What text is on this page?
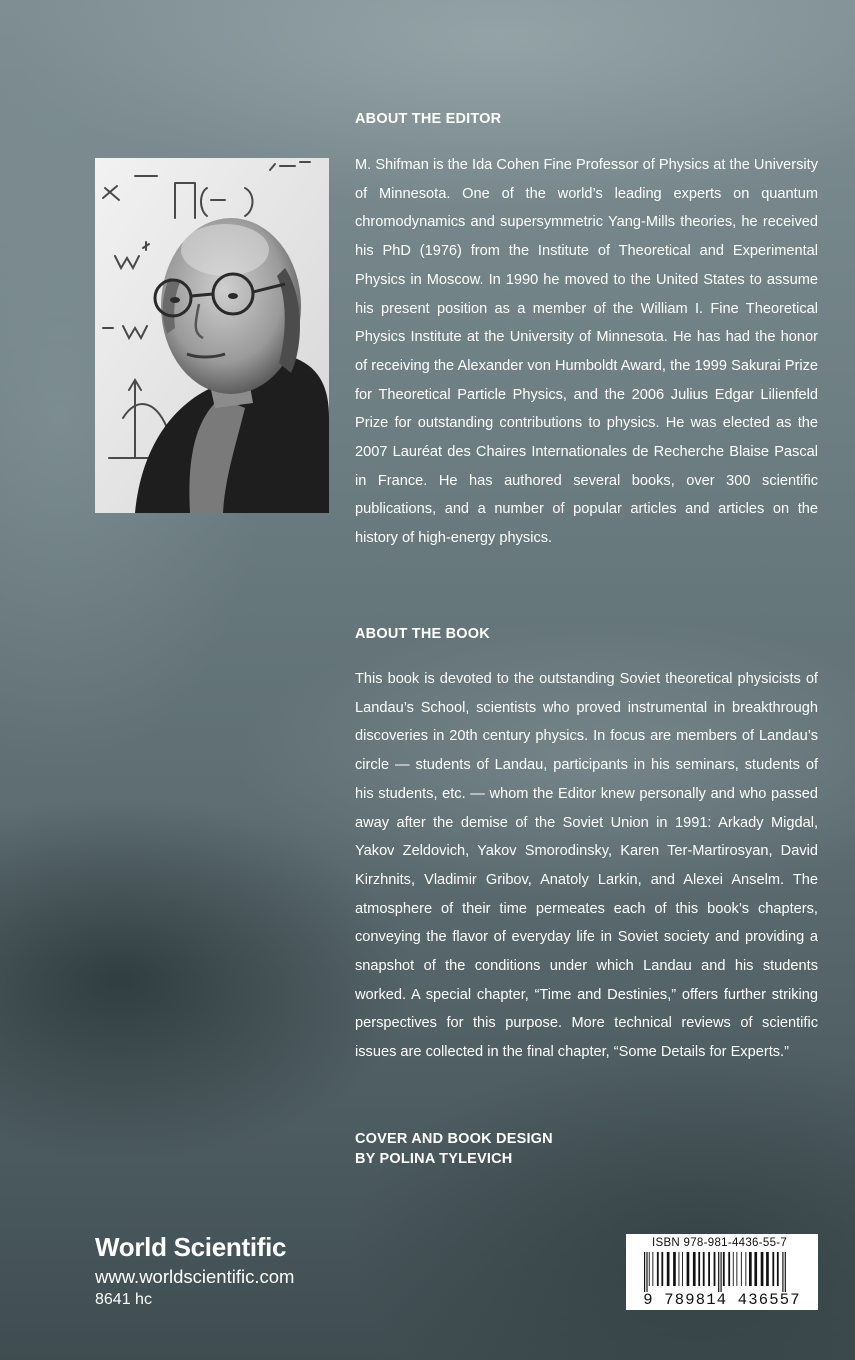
ABOUT THE EDITOR

M. Shifman is the Ida Cohen Fine Professor of Physics at the University of Minnesota. One of the world’s leading experts on quantum chromodynamics and supersymmetric Yang-Mills theories, he received his PhD (1976) from the Institute of Theoretical and Experimental Physics in Moscow. In 1990 he moved to the United States to assume his present position as a member of the William I. Fine Theoretical Physics Institute at the University of Minnesota. He has had the honor of receiving the Alexander von Humboldt Award, the 1999 Sakurai Prize for Theoretical Particle Physics, and the 2006 Julius Edgar Lilienfeld Prize for outstanding contributions to physics. He was elected as the 2007 Lauréat des Chaires Internationales de Recherche Blaise Pascal in France. He has authored several books, over 300 scientific publications, and a number of popular articles and articles on the history of high-energy physics.

ABOUT THE BOOK

This book is devoted to the outstanding Soviet theoretical physicists of Landau’s School, scientists who proved instrumental in breakthrough discoveries in 20th century physics. In focus are members of Landau’s circle — students of Landau, participants in his seminars, students of his students, etc. — whom the Editor knew personally and who passed away after the demise of the Soviet Union in 1991: Arkady Migdal, Yakov Zeldovich, Yakov Smorodinsky, Karen Ter-Martirosyan, David Kirzhnits, Vladimir Gribov, Anatoly Larkin, and Alexei Anselm. The atmosphere of their time permeates each of this book’s chapters, conveying the flavor of everyday life in Soviet society and providing a snapshot of the conditions under which Landau and his students worked. A special chapter, “Time and Destinies,” offers further striking perspectives for this purpose. More technical reviews of scientific issues are collected in the final chapter, “Some Details for Experts.”

COVER AND BOOK DESIGN
BY POLINA TYLEVICH
World Scientific
www.worldscientific.com
8641 hc
ISBN 978-981-4436-55-7
9 789814 436557
